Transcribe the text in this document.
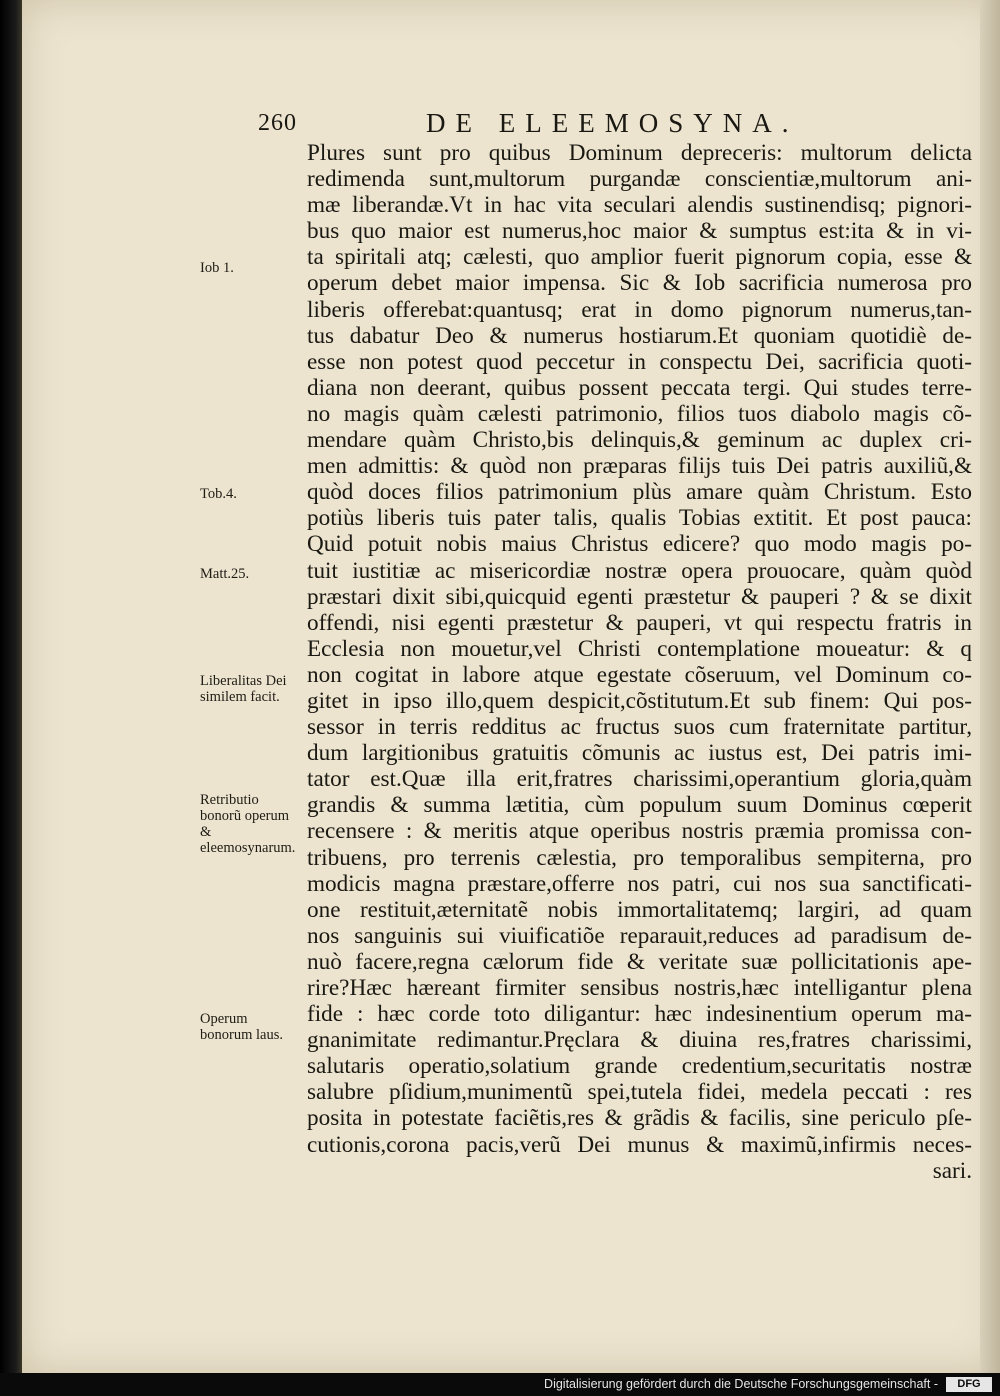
260	DE ELEEMOSYNA.
Iob 1.
Tob.4.
Matt.25.
Liberalitas Dei similem facit.
Retributio bonorũ operum & eleemosynarum.
Operum bonorum laus.
Plures sunt pro quibus Dominum depreceris: multorum delicta
redimenda sunt,multorum purgandæ conscientiæ,multorum ani-
mæ liberandæ.Vt in hac vita seculari alendis sustinendisq; pignori-
bus quo maior est numerus,hoc maior & sumptus est:ita & in vi-
ta spiritali atq; cælesti, quo amplior fuerit pignorum copia, esse &
operum debet maior impensa. Sic & Iob sacrificia numerosa pro
liberis offerebat:quantusq; erat in domo pignorum numerus,tan-
tus dabatur Deo & numerus hostiarum.Et quoniam quotidiè de-
esse non potest quod peccetur in conspectu Dei, sacrificia quoti-
diana non deerant, quibus possent peccata tergi. Qui studes terre-
no magis quàm cælesti patrimonio, filios tuos diabolo magis cõ-
mendare quàm Christo,bis delinquis,& geminum ac duplex cri-
men admittis: & quòd non præparas filijs tuis Dei patris auxiliũ,&
quòd doces filios patrimonium plùs amare quàm Christum. Esto
potiùs liberis tuis pater talis, qualis Tobias extitit. Et post pauca:
Quid potuit nobis maius Christus edicere? quo modo magis po-
tuit iustitiæ ac misericordiæ nostræ opera prouocare, quàm quòd
præstari dixit sibi,quicquid egenti præstetur & pauperi ? & se dixit
offendi, nisi egenti præstetur & pauperi, vt qui respectu fratris in
Ecclesia non mouetur,vel Christi contemplatione moueatur: & q
non cogitat in labore atque egestate cõseruum, vel Dominum co-
gitet in ipso illo,quem despicit,cõstitutum.Et sub finem: Qui pos-
sessor in terris redditus ac fructus suos cum fraternitate partitur,
dum largitionibus gratuitis cõmunis ac iustus est, Dei patris imi-
tator est.Quæ illa erit,fratres charissimi,operantium gloria,quàm
grandis & summa lætitia, cùm populum suum Dominus cœperit
recensere : & meritis atque operibus nostris præmia promissa con-
tribuens, pro terrenis cælestia, pro temporalibus sempiterna, pro
modicis magna præstare,offerre nos patri, cui nos sua sanctificati-
one restituit,æternitatẽ nobis immortalitatemq; largiri, ad quam
nos sanguinis sui viuificatiõe reparauit,reduces ad paradisum de-
nuò facere,regna cælorum fide & veritate suæ pollicitationis ape-
rire?Hæc hæreant firmiter sensibus nostris,hæc intelligantur plena
fide : hæc corde toto diligantur: hæc indesinentium operum ma-
gnanimitate redimantur.Pręclara & diuina res,fratres charissimi,
salutaris operatio,solatium grande credentium,securitatis nostræ
salubre pſidium,munimentũ spei,tutela fidei, medela peccati : res
posita in potestate faciẽtis,res & grãdis & facilis, sine periculo pſe-
cutionis,corona pacis,verũ Dei munus & maximũ,infirmis neces-
sari.
Digitalisierung gefördert durch die Deutsche Forschungsgemeinschaft -	DFG
